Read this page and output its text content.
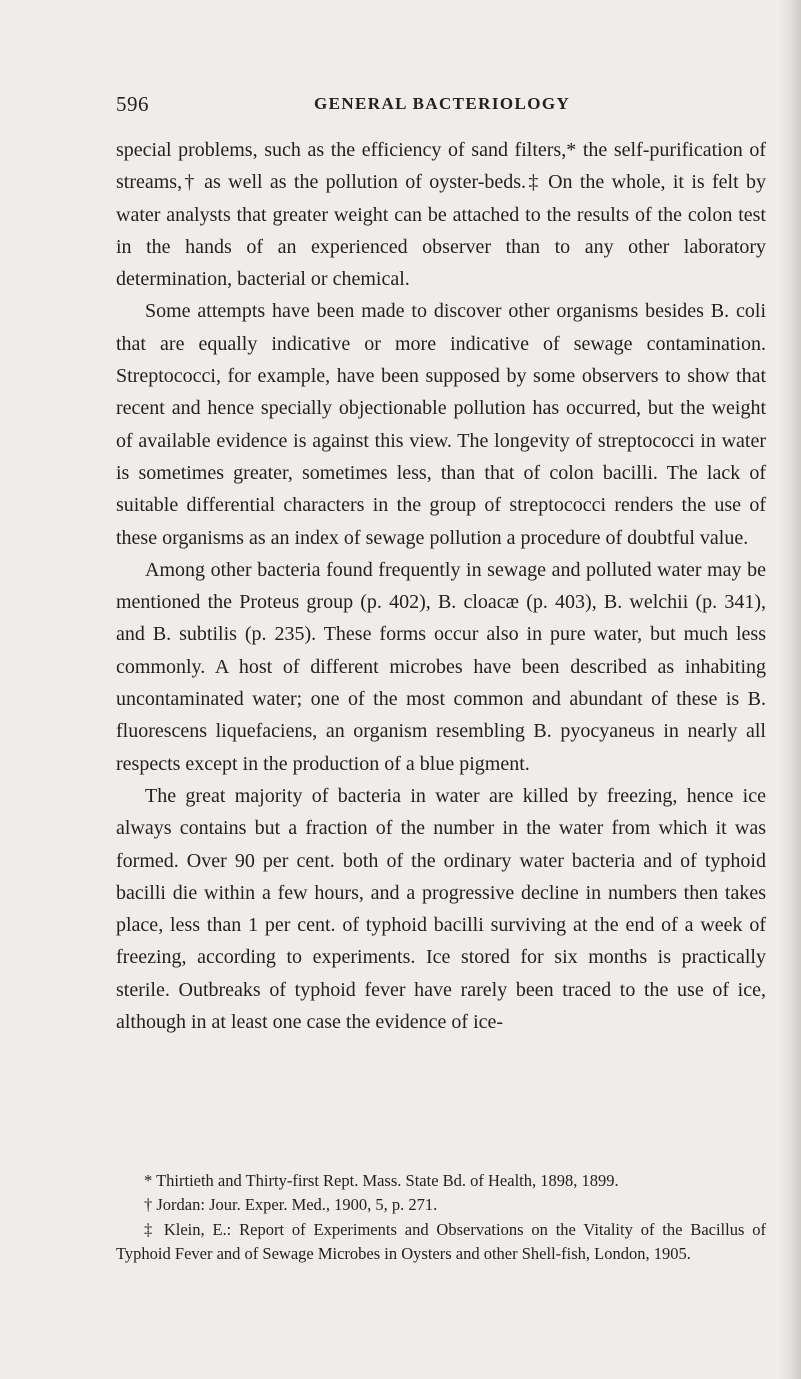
596	GENERAL BACTERIOLOGY

special problems, such as the efficiency of sand filters,* the self-purification of streams,† as well as the pollution of oyster-beds.‡ On the whole, it is felt by water analysts that greater weight can be attached to the results of the colon test in the hands of an experienced observer than to any other laboratory determination, bacterial or chemical.

Some attempts have been made to discover other organisms besides B. coli that are equally indicative or more indicative of sewage contamination. Streptococci, for example, have been supposed by some observers to show that recent and hence specially objectionable pollution has occurred, but the weight of available evidence is against this view. The longevity of streptococci in water is sometimes greater, sometimes less, than that of colon bacilli. The lack of suitable differential characters in the group of streptococci renders the use of these organisms as an index of sewage pollution a procedure of doubtful value.

Among other bacteria found frequently in sewage and polluted water may be mentioned the Proteus group (p. 402), B. cloacæ (p. 403), B. welchii (p. 341), and B. subtilis (p. 235). These forms occur also in pure water, but much less commonly. A host of different microbes have been described as inhabiting uncontaminated water; one of the most common and abundant of these is B. fluorescens liquefaciens, an organism resembling B. pyocyaneus in nearly all respects except in the production of a blue pigment.

The great majority of bacteria in water are killed by freezing, hence ice always contains but a fraction of the number in the water from which it was formed. Over 90 per cent. both of the ordinary water bacteria and of typhoid bacilli die within a few hours, and a progressive decline in numbers then takes place, less than 1 per cent. of typhoid bacilli surviving at the end of a week of freezing, according to experiments. Ice stored for six months is practically sterile. Outbreaks of typhoid fever have rarely been traced to the use of ice, although in at least one case the evidence of ice-

* Thirtieth and Thirty-first Rept. Mass. State Bd. of Health, 1898, 1899.

† Jordan: Jour. Exper. Med., 1900, 5, p. 271.

‡ Klein, E.: Report of Experiments and Observations on the Vitality of the Bacillus of Typhoid Fever and of Sewage Microbes in Oysters and other Shell-fish, London, 1905.
